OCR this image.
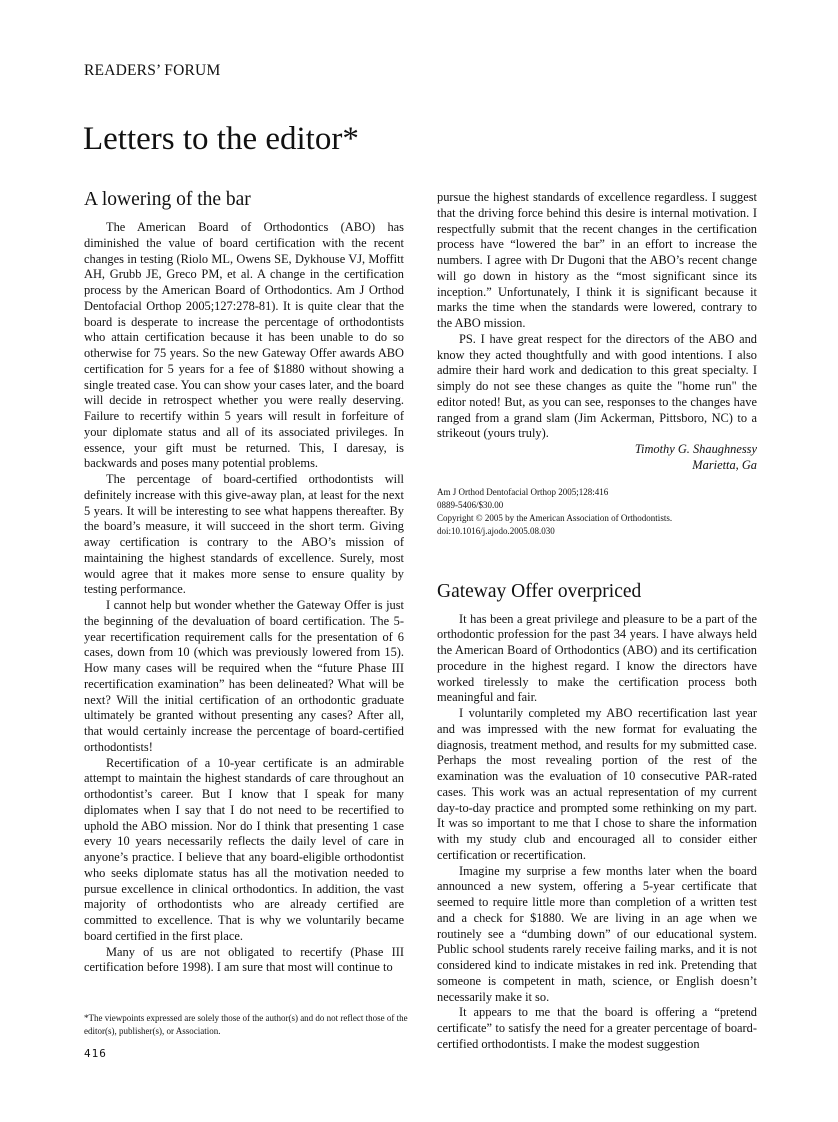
READERS’ FORUM
Letters to the editor*
A lowering of the bar

The American Board of Orthodontics (ABO) has diminished the value of board certification with the recent changes in testing (Riolo ML, Owens SE, Dykhouse VJ, Moffitt AH, Grubb JE, Greco PM, et al. A change in the certification process by the American Board of Orthodontics. Am J Orthod Dentofacial Orthop 2005;127:278-81). It is quite clear that the board is desperate to increase the percentage of orthodontists who attain certification because it has been unable to do so otherwise for 75 years. So the new Gateway Offer awards ABO certification for 5 years for a fee of $1880 without showing a single treated case. You can show your cases later, and the board will decide in retrospect whether you were really deserving. Failure to recertify within 5 years will result in forfeiture of your diplomate status and all of its associated privileges. In essence, your gift must be returned. This, I daresay, is backwards and poses many potential problems.

The percentage of board-certified orthodontists will definitely increase with this give-away plan, at least for the next 5 years. It will be interesting to see what happens thereafter. By the board’s measure, it will succeed in the short term. Giving away certification is contrary to the ABO’s mission of maintaining the highest standards of excellence. Surely, most would agree that it makes more sense to ensure quality by testing performance.

I cannot help but wonder whether the Gateway Offer is just the beginning of the devaluation of board certification. The 5-year recertification requirement calls for the presentation of 6 cases, down from 10 (which was previously lowered from 15). How many cases will be required when the “future Phase III recertification examination” has been delineated? What will be next? Will the initial certification of an orthodontic graduate ultimately be granted without presenting any cases? After all, that would certainly increase the percentage of board-certified orthodontists!

Recertification of a 10-year certificate is an admirable attempt to maintain the highest standards of care throughout an orthodontist’s career. But I know that I speak for many diplomates when I say that I do not need to be recertified to uphold the ABO mission. Nor do I think that presenting 1 case every 10 years necessarily reflects the daily level of care in anyone’s practice. I believe that any board-eligible orthodontist who seeks diplomate status has all the motivation needed to pursue excellence in clinical orthodontics. In addition, the vast majority of orthodontists who are already certified are committed to excellence. That is why we voluntarily became board certified in the first place.

Many of us are not obligated to recertify (Phase III certification before 1998). I am sure that most will continue to

pursue the highest standards of excellence regardless. I suggest that the driving force behind this desire is internal motivation. I respectfully submit that the recent changes in the certification process have “lowered the bar” in an effort to increase the numbers. I agree with Dr Dugoni that the ABO’s recent change will go down in history as the “most significant since its inception.” Unfortunately, I think it is significant because it marks the time when the standards were lowered, contrary to the ABO mission.

PS. I have great respect for the directors of the ABO and know they acted thoughtfully and with good intentions. I also admire their hard work and dedication to this great specialty. I simply do not see these changes as quite the "home run" the editor noted! But, as you can see, responses to the changes have ranged from a grand slam (Jim Ackerman, Pittsboro, NC) to a strikeout (yours truly).

Timothy G. Shaughnessy

Marietta, Ga

Am J Orthod Dentofacial Orthop 2005;128:416
0889-5406/$30.00
Copyright © 2005 by the American Association of Orthodontists.
doi:10.1016/j.ajodo.2005.08.030
Gateway Offer overpriced

It has been a great privilege and pleasure to be a part of the orthodontic profession for the past 34 years. I have always held the American Board of Orthodontics (ABO) and its certification procedure in the highest regard. I know the directors have worked tirelessly to make the certification process both meaningful and fair.

I voluntarily completed my ABO recertification last year and was impressed with the new format for evaluating the diagnosis, treatment method, and results for my submitted case. Perhaps the most revealing portion of the rest of the examination was the evaluation of 10 consecutive PAR-rated cases. This work was an actual representation of my current day-to-day practice and prompted some rethinking on my part. It was so important to me that I chose to share the information with my study club and encouraged all to consider either certification or recertification.

Imagine my surprise a few months later when the board announced a new system, offering a 5-year certificate that seemed to require little more than completion of a written test and a check for $1880. We are living in an age when we routinely see a “dumbing down” of our educational system. Public school students rarely receive failing marks, and it is not considered kind to indicate mistakes in red ink. Pretending that someone is competent in math, science, or English doesn’t necessarily make it so.

It appears to me that the board is offering a “pretend certificate” to satisfy the need for a greater percentage of board-certified orthodontists. I make the modest suggestion

*The viewpoints expressed are solely those of the author(s) and do not reflect those of the editor(s), publisher(s), or Association.
416
